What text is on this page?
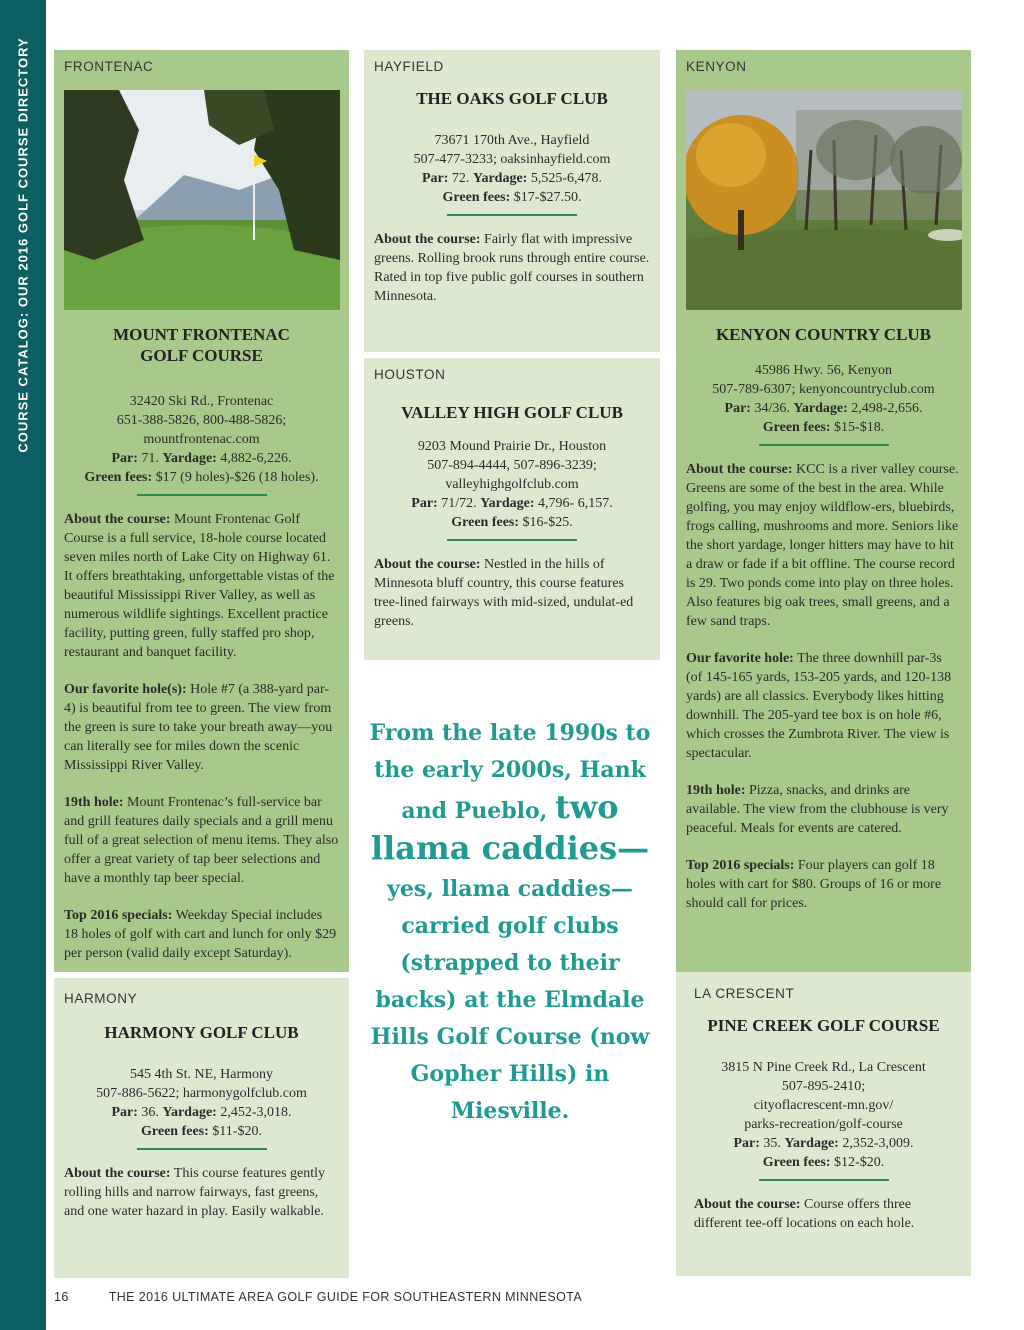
COURSE CATALOG: OUR 2016 GOLF COURSE DIRECTORY FRONTENAC
MOUNT FRONTENAC
GOLF COURSE
32420 Ski Rd., Frontenac
651-388-5826, 800-488-5826;
mountfrontenac.com
Par: 71. Yardage: 4,882-6,226.
Green fees: $17 (9 holes)-$26 (18 holes).
About the course: Mount Frontenac Golf Course is a full service, 18-hole course located seven miles north of Lake City on Highway 61. It offers breathtaking, unforgettable vistas of the beautiful Mississippi River Valley, as well as numerous wildlife sightings. Excellent practice facility, putting green, fully staffed pro shop, restaurant and banquet facility.
Our favorite hole(s): Hole #7 (a 388-yard par-4) is beautiful from tee to green. The view from the green is sure to take your breath away—you can literally see for miles down the scenic Mississippi River Valley.
19th hole: Mount Frontenac’s full-service bar and grill features daily specials and a grill menu full of a great selection of menu items. They also offer a great variety of tap beer selections and have a monthly tap beer special.
Top 2016 specials: Weekday Special includes 18 holes of golf with cart and lunch for only $29 per person (valid daily except Saturday).
HAYFIELD
THE OAKS GOLF CLUB
73671 170th Ave., Hayfield
507-477-3233; oaksinhayfield.com
Par: 72. Yardage: 5,525-6,478.
Green fees: $17-$27.50.
About the course: Fairly flat with impressive greens. Rolling brook runs through entire course. Rated in top five public golf courses in southern Minnesota.
HOUSTON
VALLEY HIGH GOLF CLUB
9203 Mound Prairie Dr., Houston
507-894-4444, 507-896-3239;
valleyhighgolfclub.com
Par: 71/72. Yardage: 4,796- 6,157.
Green fees: $16-$25.
About the course: Nestled in the hills of Minnesota bluff country, this course features tree-lined fairways with mid-sized, undulat-ed greens.
From the late 1990s to the early 2000s, Hank and Pueblo, two llama caddies—yes, llama caddies—carried golf clubs (strapped to their backs) at the Elmdale Hills Golf Course (now Gopher Hills) in Miesville.
KENYON
KENYON COUNTRY CLUB
45986 Hwy. 56, Kenyon
507-789-6307; kenyoncountryclub.com
Par: 34/36. Yardage: 2,498-2,656.
Green fees: $15-$18.
About the course: KCC is a river valley course. Greens are some of the best in the area. While golfing, you may enjoy wildflow-ers, bluebirds, frogs calling, mushrooms and more. Seniors like the short yardage, longer hitters may have to hit a draw or fade if a bit offline. The course record is 29. Two ponds come into play on three holes. Also features big oak trees, small greens, and a few sand traps.
Our favorite hole: The three downhill par-3s (of 145-165 yards, 153-205 yards, and 120-138 yards) are all classics. Everybody likes hitting downhill. The 205-yard tee box is on hole #6, which crosses the Zumbrota River. The view is spectacular.
19th hole: Pizza, snacks, and drinks are available. The view from the clubhouse is very peaceful. Meals for events are catered.
Top 2016 specials: Four players can golf 18 holes with cart for $80. Groups of 16 or more should call for prices.
HARMONY
HARMONY GOLF CLUB
545 4th St. NE, Harmony
507-886-5622; harmonygolfclub.com
Par: 36. Yardage: 2,452-3,018.
Green fees: $11-$20.
About the course: This course features gently rolling hills and narrow fairways, fast greens, and one water hazard in play. Easily walkable.
LA CRESCENT
PINE CREEK GOLF COURSE
3815 N Pine Creek Rd., La Crescent
507-895-2410;
cityoflacrescent-mn.gov/
parks-recreation/golf-course
Par: 35. Yardage: 2,352-3,009.
Green fees: $12-$20.
About the course: Course offers three different tee-off locations on each hole.
16	THE 2016 ULTIMATE AREA GOLF GUIDE FOR SOUTHEASTERN MINNESOTA
